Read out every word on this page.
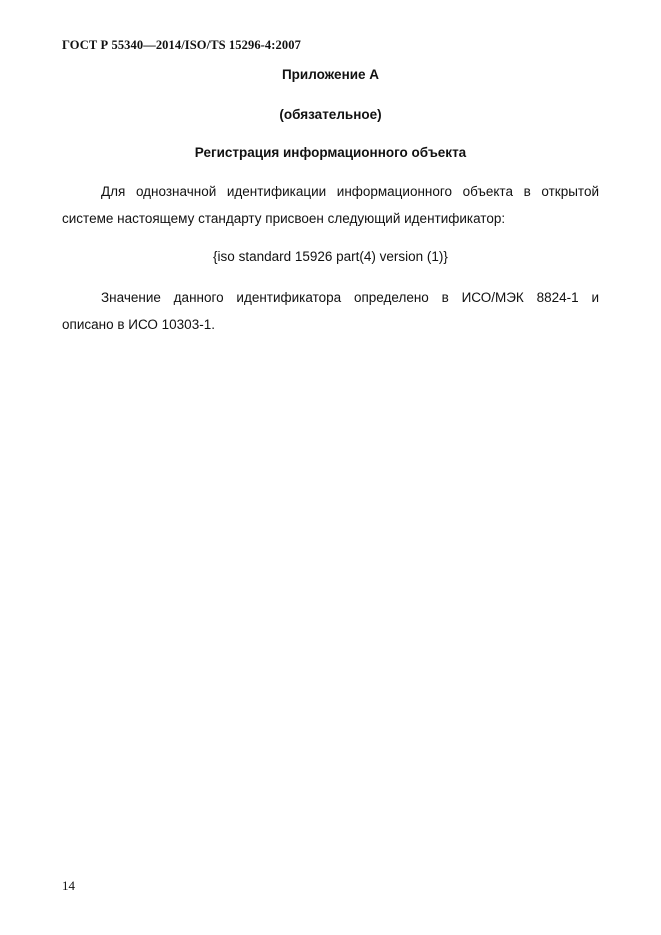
ГОСТ Р 55340—2014/ISO/TS 15296-4:2007
Приложение А
(обязательное)
Регистрация информационного объекта
Для однозначной идентификации информационного объекта в открытой
системе настоящему стандарту присвоен следующий идентификатор:
{iso standard 15926 part(4) version (1)}
Значение данного идентификатора определено в ИСО/МЭК 8824-1 и
описано в ИСО 10303-1.
14
